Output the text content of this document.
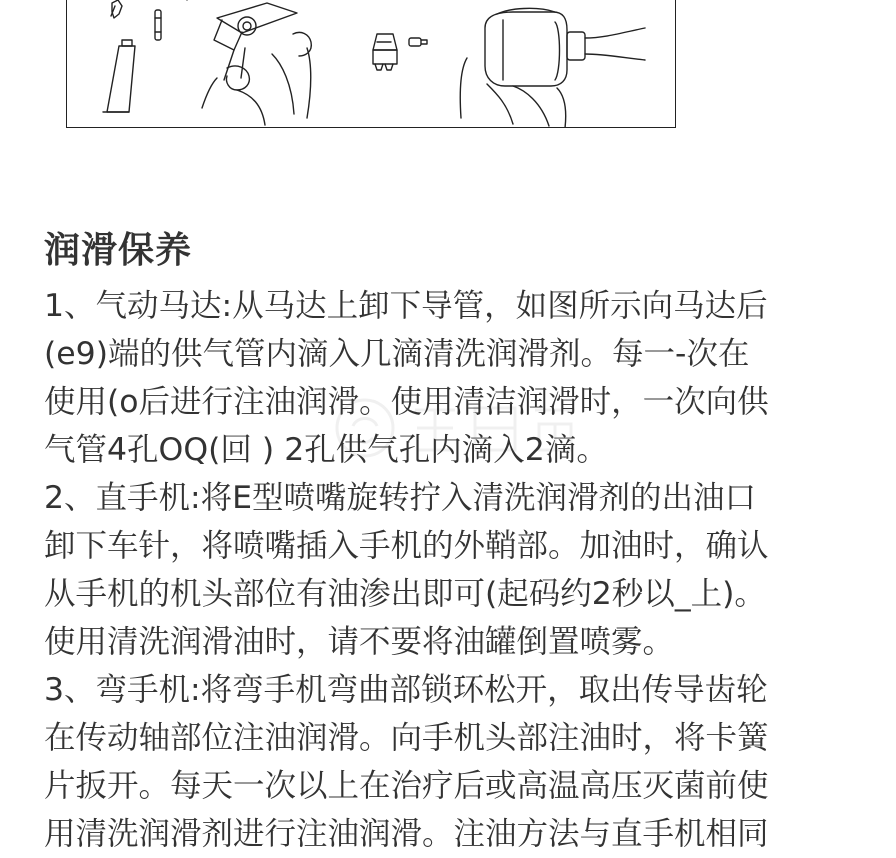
润滑保养
1、气动马达:从马达上卸下导管，如图所示向马达后
(e9)端的供气管内滴入几滴清洗润滑剂。每一-次在
使用(o后进行注油润滑。使用清洁润滑时，一次向供
气管4孔OQ(回 ) 2孔供气孔内滴入2滴。
2、直手机:将E型喷嘴旋转拧入清洗润滑剂的出油口
卸下车针，将喷嘴插入手机的外鞘部。加油时，确认
从手机的机头部位有油渗出即可(起码约2秒以_上)。
使用清洗润滑油时，请不要将油罐倒置喷雾。
3、弯手机:将弯手机弯曲部锁环松开，取出传导齿轮
在传动轴部位注油润滑。向手机头部注油时，将卡簧
片扳开。每天一次以上在治疗后或高温高压灭菌前使
用清洗润滑剂进行注油润滑。注油方法与直手机相同
